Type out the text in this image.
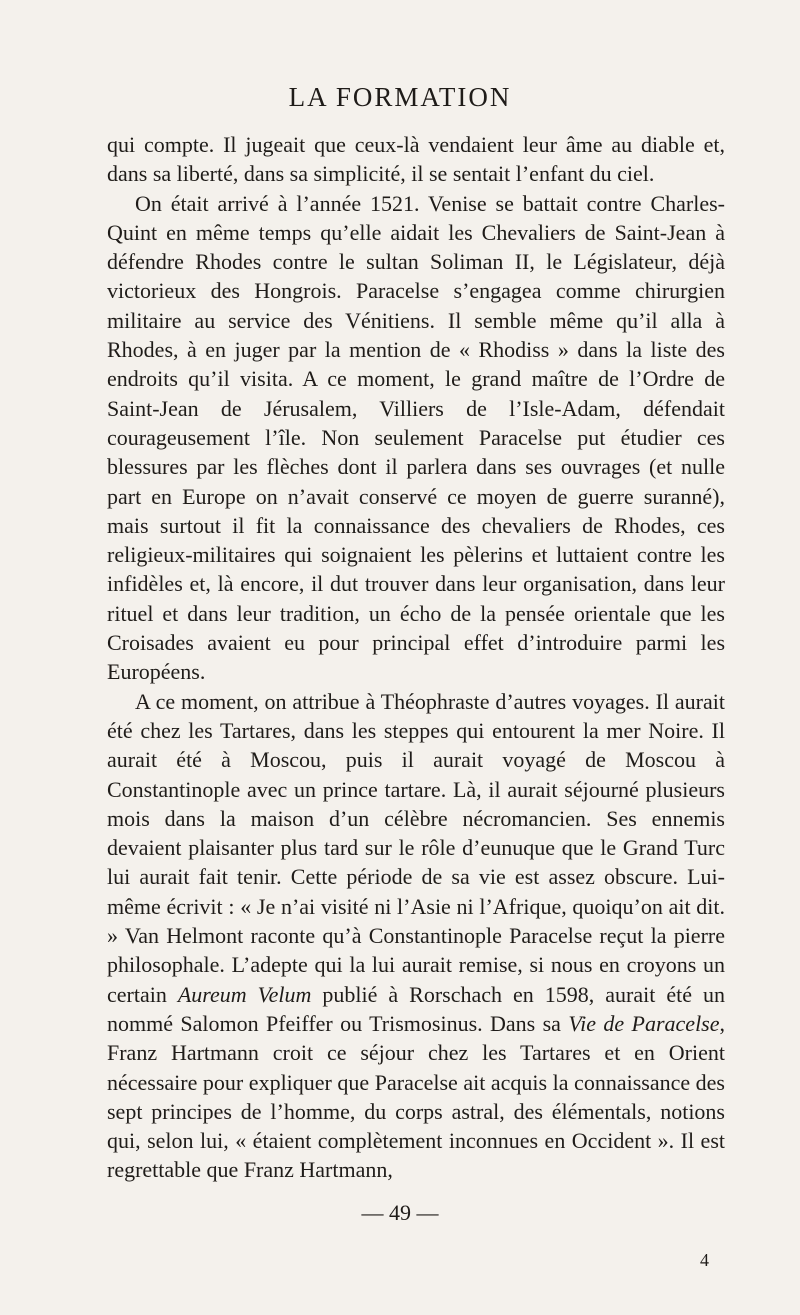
LA FORMATION

qui compte. Il jugeait que ceux-là vendaient leur âme au diable et, dans sa liberté, dans sa simplicité, il se sentait l’enfant du ciel.

On était arrivé à l’année 1521. Venise se battait contre Charles-Quint en même temps qu’elle aidait les Chevaliers de Saint-Jean à défendre Rhodes contre le sultan Soliman II, le Législateur, déjà victorieux des Hongrois. Paracelse s’engagea comme chirurgien militaire au service des Vénitiens. Il semble même qu’il alla à Rhodes, à en juger par la mention de « Rhodiss » dans la liste des endroits qu’il visita. A ce moment, le grand maître de l’Ordre de Saint-Jean de Jérusalem, Villiers de l’Isle-Adam, défendait courageusement l’île. Non seulement Paracelse put étudier ces blessures par les flèches dont il parlera dans ses ouvrages (et nulle part en Europe on n’avait conservé ce moyen de guerre suranné), mais surtout il fit la connaissance des chevaliers de Rhodes, ces religieux-militaires qui soignaient les pèlerins et luttaient contre les infidèles et, là encore, il dut trouver dans leur organisation, dans leur rituel et dans leur tradition, un écho de la pensée orientale que les Croisades avaient eu pour principal effet d’introduire parmi les Européens.

A ce moment, on attribue à Théophraste d’autres voyages. Il aurait été chez les Tartares, dans les steppes qui entourent la mer Noire. Il aurait été à Moscou, puis il aurait voyagé de Moscou à Constantinople avec un prince tartare. Là, il aurait séjourné plusieurs mois dans la maison d’un célèbre nécromancien. Ses ennemis devaient plaisanter plus tard sur le rôle d’eunuque que le Grand Turc lui aurait fait tenir. Cette période de sa vie est assez obscure. Lui-même écrivit : « Je n’ai visité ni l’Asie ni l’Afrique, quoiqu’on ait dit. » Van Helmont raconte qu’à Constantinople Paracelse reçut la pierre philosophale. L’adepte qui la lui aurait remise, si nous en croyons un certain Aureum Velum publié à Rorschach en 1598, aurait été un nommé Salomon Pfeiffer ou Trismosinus. Dans sa Vie de Paracelse, Franz Hartmann croit ce séjour chez les Tartares et en Orient nécessaire pour expliquer que Paracelse ait acquis la connaissance des sept principes de l’homme, du corps astral, des élémentals, notions qui, selon lui, « étaient complètement inconnues en Occident ». Il est regrettable que Franz Hartmann,

— 49 —
4
